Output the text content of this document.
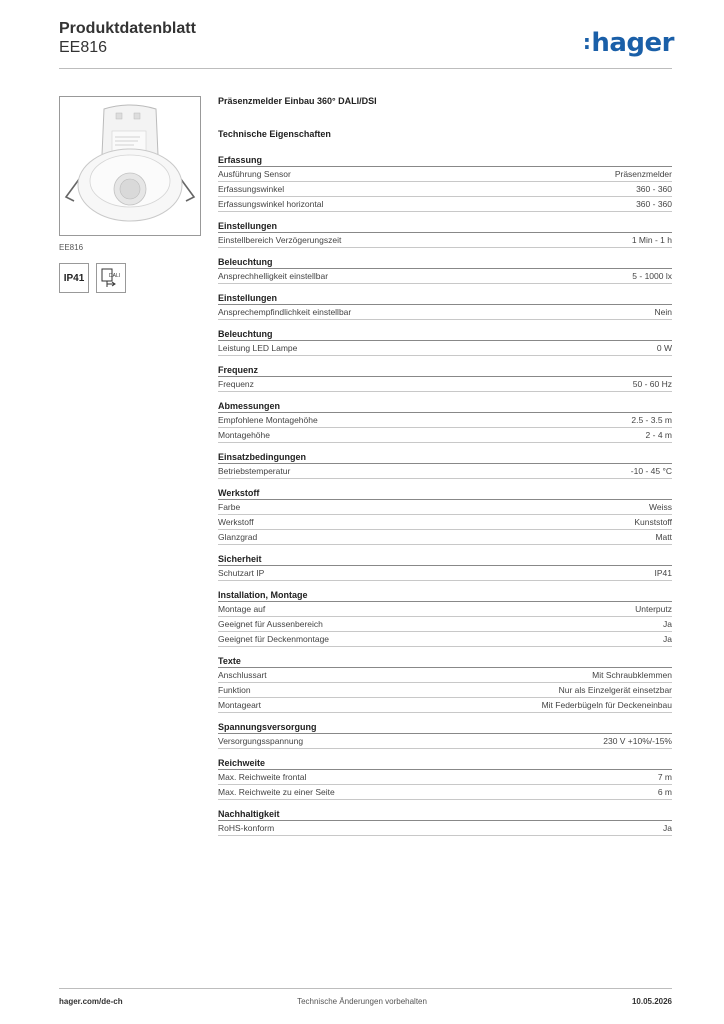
Produktdatenblatt
EE816	:hager
EE816
IP41	DALI
Präsenzmelder Einbau 360° DALI/DSI
Technische Eigenschaften
Erfassung
Ausführung Sensor	Präsenzmelder
Erfassungswinkel	360 - 360
Erfassungswinkel horizontal	360 - 360
Einstellungen
Einstellbereich Verzögerungszeit	1 Min - 1 h
Beleuchtung
Ansprechhelligkeit einstellbar	5 - 1000 lx
Einstellungen
Ansprechempfindlichkeit einstellbar	Nein
Beleuchtung
Leistung LED Lampe	0 W
Frequenz
Frequenz	50 - 60 Hz
Abmessungen
Empfohlene Montagehöhe	2.5 - 3.5 m
Montagehöhe	2 - 4 m
Einsatzbedingungen
Betriebstemperatur	-10 - 45 °C
Werkstoff
Farbe	Weiss
Werkstoff	Kunststoff
Glanzgrad	Matt
Sicherheit
Schutzart IP	IP41
Installation, Montage
Montage auf	Unterputz
Geeignet für Aussenbereich	Ja
Geeignet für Deckenmontage	Ja
Texte
Anschlussart	Mit Schraubklemmen
Funktion	Nur als Einzelgerät einsetzbar
Montageart	Mit Federbügeln für Deckeneinbau
Spannungsversorgung
Versorgungsspannung	230 V +10%/-15%
Reichweite
Max. Reichweite frontal	7 m
Max. Reichweite zu einer Seite	6 m
Nachhaltigkeit
RoHS-konform	Ja
hager.com/de-ch	Technische Änderungen vorbehalten	10.05.2026
